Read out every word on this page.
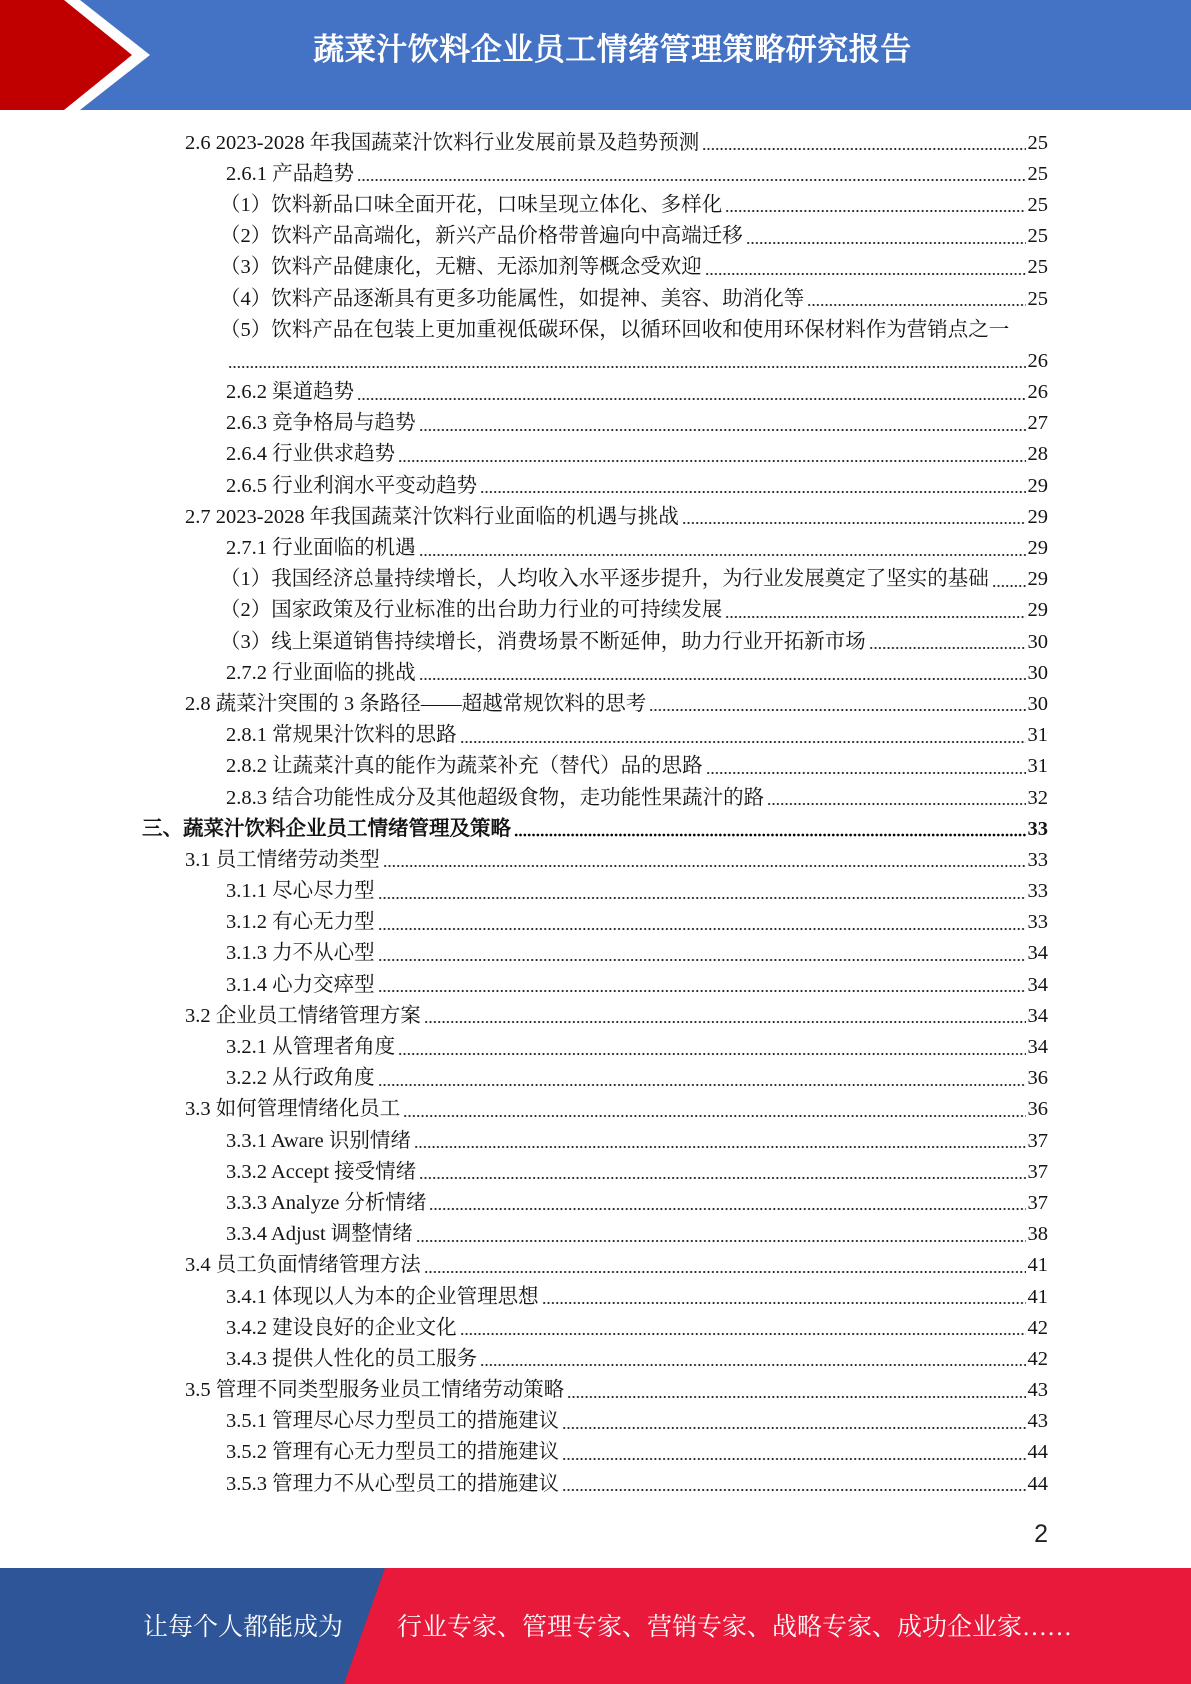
蔬菜汁饮料企业员工情绪管理策略研究报告
2.6 2023-2028 年我国蔬菜汁饮料行业发展前景及趋势预测	25
2.6.1 产品趋势	25
（1）饮料新品口味全面开花，口味呈现立体化、多样化	25
（2）饮料产品高端化，新兴产品价格带普遍向中高端迁移	25
（3）饮料产品健康化，无糖、无添加剂等概念受欢迎	25
（4）饮料产品逐渐具有更多功能属性，如提神、美容、助消化等	25
（5）饮料产品在包装上更加重视低碳环保，以循环回收和使用环保材料作为营销点之一
26
2.6.2 渠道趋势	26
2.6.3 竞争格局与趋势	27
2.6.4 行业供求趋势	28
2.6.5 行业利润水平变动趋势	29
2.7 2023-2028 年我国蔬菜汁饮料行业面临的机遇与挑战	29
2.7.1 行业面临的机遇	29
（1）我国经济总量持续增长，人均收入水平逐步提升，为行业发展奠定了坚实的基础 29
（2）国家政策及行业标准的出台助力行业的可持续发展	29
（3）线上渠道销售持续增长，消费场景不断延伸，助力行业开拓新市场	30
2.7.2 行业面临的挑战	30
2.8 蔬菜汁突围的 3 条路径——超越常规饮料的思考	30
2.8.1 常规果汁饮料的思路	31
2.8.2 让蔬菜汁真的能作为蔬菜补充（替代）品的思路	31
2.8.3 结合功能性成分及其他超级食物，走功能性果蔬汁的路	32
三、蔬菜汁饮料企业员工情绪管理及策略	33
3.1 员工情绪劳动类型	33
3.1.1 尽心尽力型	33
3.1.2 有心无力型	33
3.1.3 力不从心型	34
3.1.4 心力交瘁型	34
3.2 企业员工情绪管理方案	34
3.2.1 从管理者角度	34
3.2.2 从行政角度	36
3.3 如何管理情绪化员工	36
3.3.1 Aware 识别情绪	37
3.3.2 Accept 接受情绪	37
3.3.3 Analyze 分析情绪	37
3.3.4 Adjust 调整情绪	38
3.4 员工负面情绪管理方法	41
3.4.1 体现以人为本的企业管理思想	41
3.4.2 建设良好的企业文化	42
3.4.3 提供人性化的员工服务	42
3.5 管理不同类型服务业员工情绪劳动策略	43
3.5.1 管理尽心尽力型员工的措施建议	43
3.5.2 管理有心无力型员工的措施建议	44
3.5.3 管理力不从心型员工的措施建议	44
2
让每个人都能成为 行业专家、管理专家、营销专家、战略专家、成功企业家……
